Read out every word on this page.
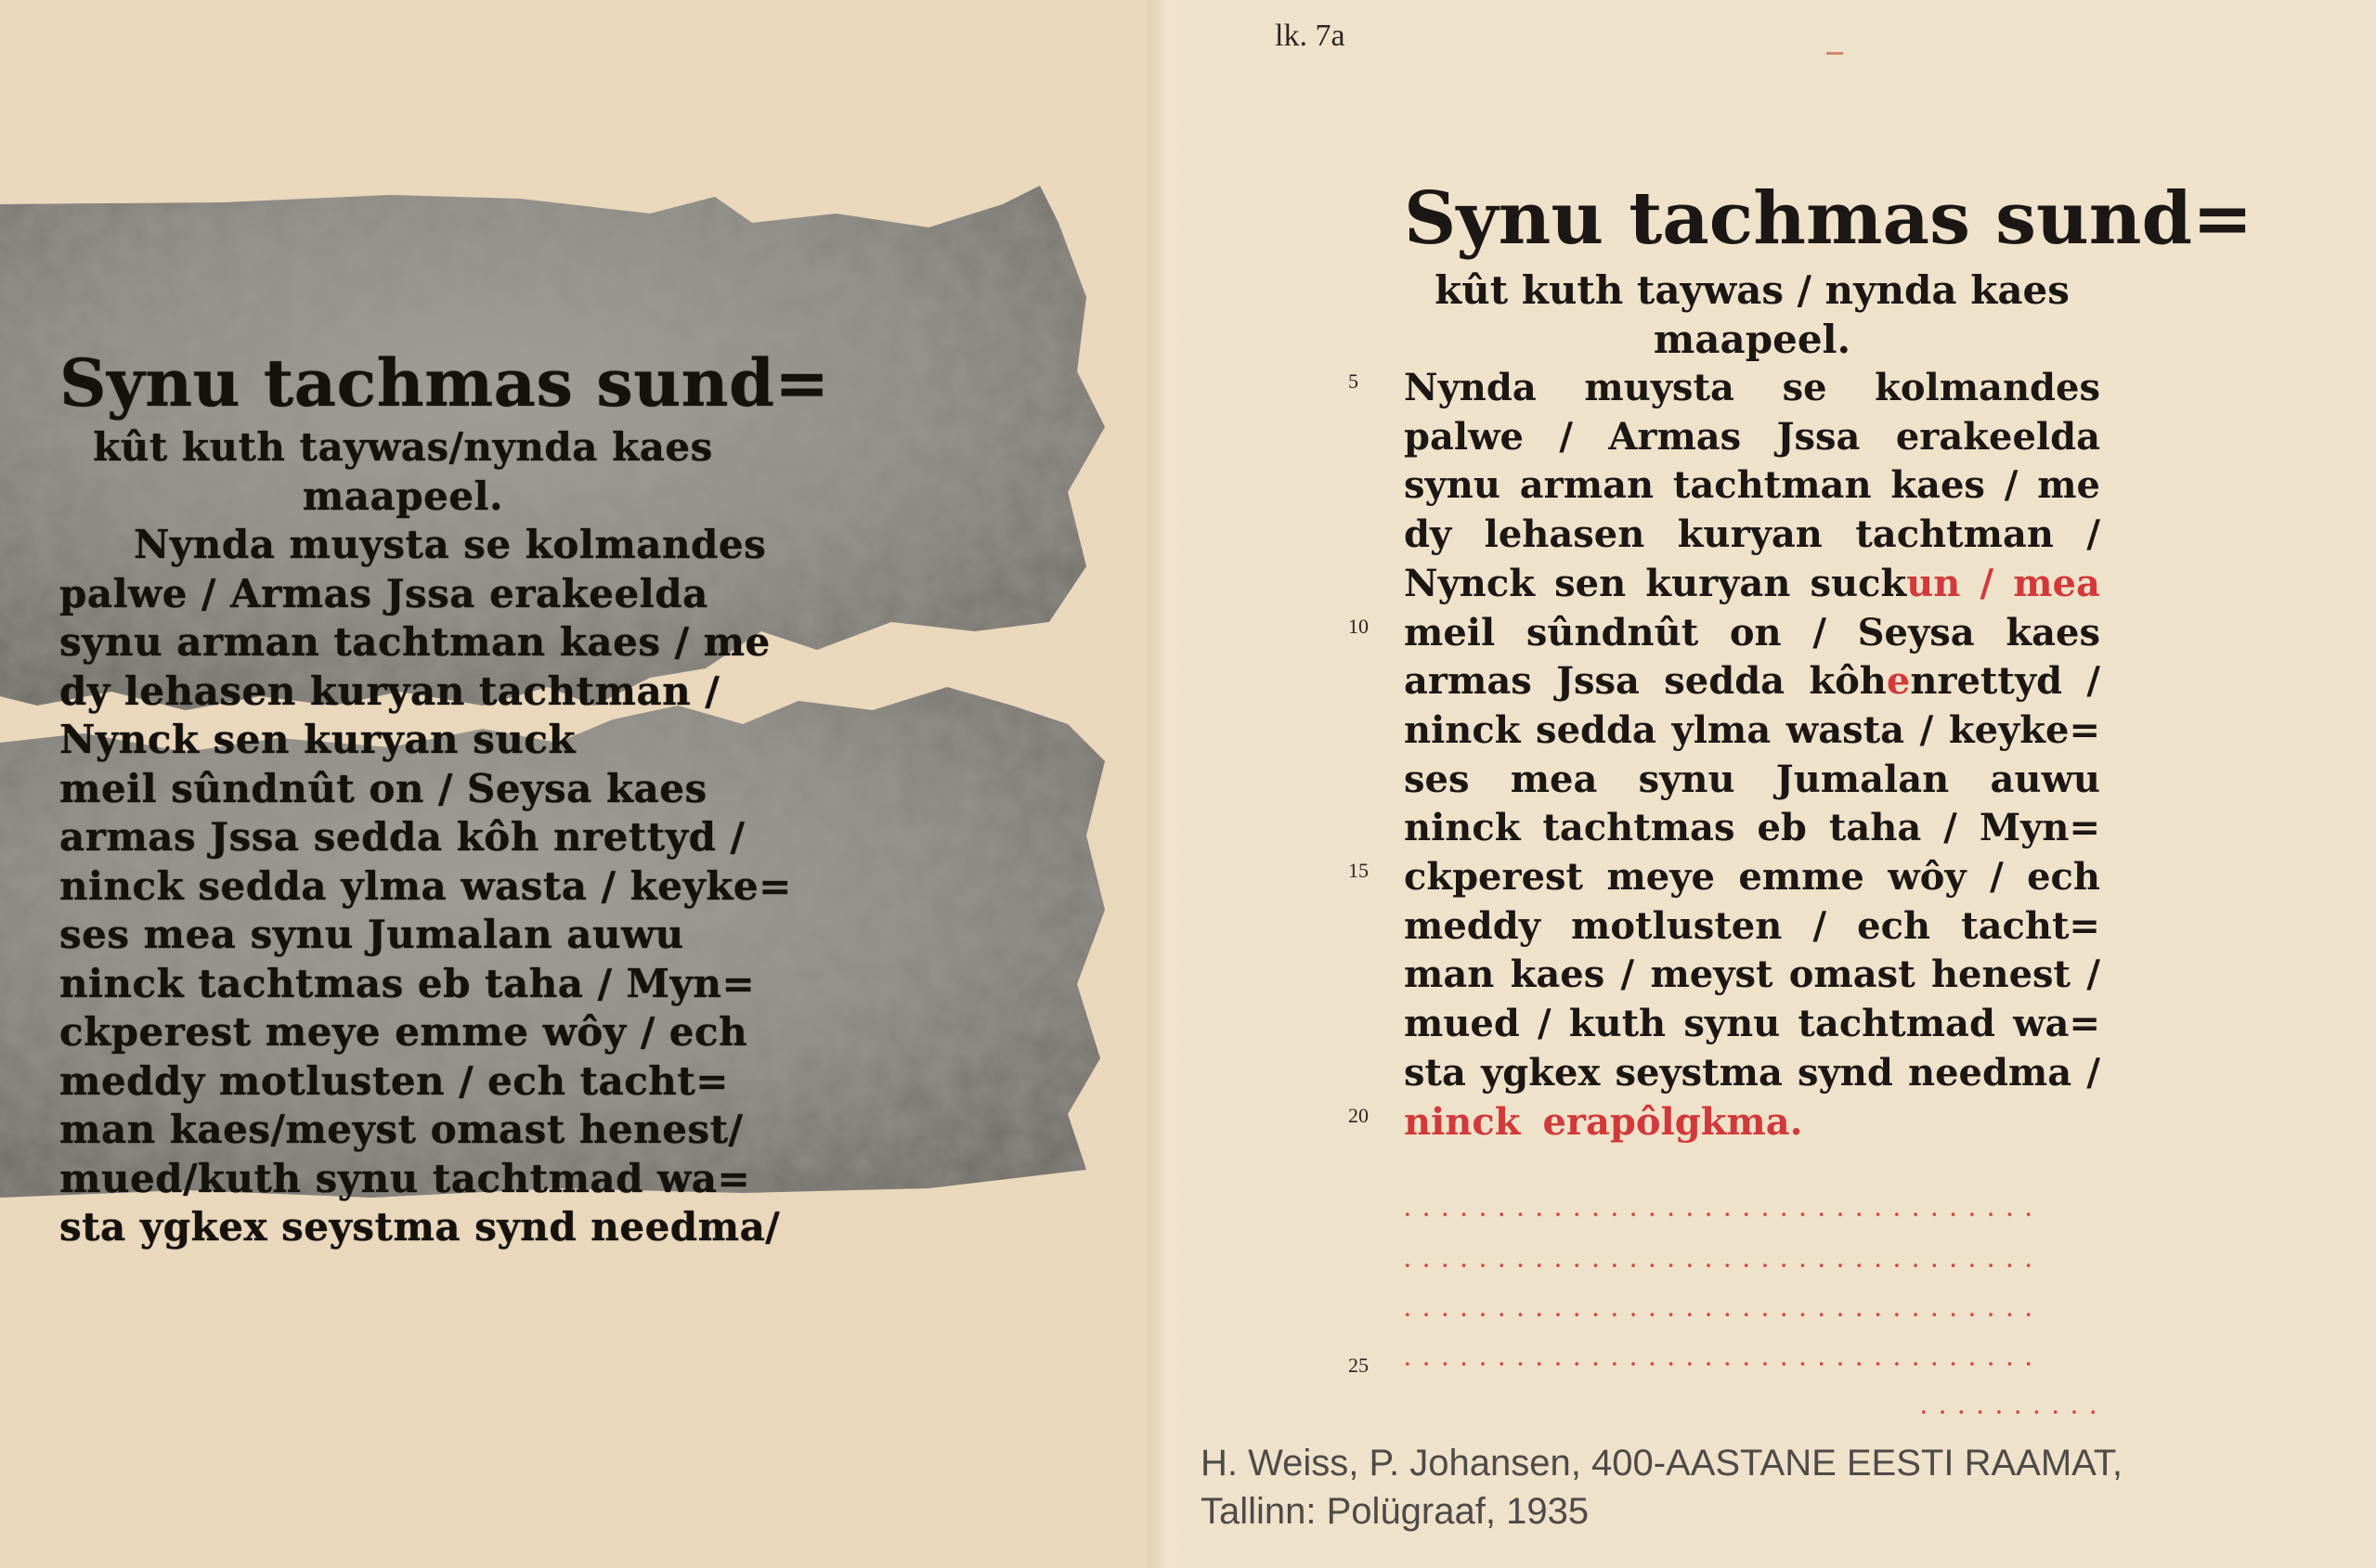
Synu tachmas sund=
kût kuth taywas/nynda kaes
maapeel.
Nynda muysta se kolmandes
palwe / Armas Jssa erakeelda
synu arman tachtman kaes / me
dy lehasen kuryan tachtman /
Nynck sen kuryan suck
meil sûndnût on / Seysa kaes
armas Jssa sedda kôh nrettyd /
ninck sedda ylma wasta / keyke=
ses mea synu Jumalan auwu
ninck tachtmas eb taha / Myn=
ckperest meye emme wôy / ech
meddy motlusten / ech tacht=
man kaes/meyst omast henest/
mued/kuth synu tachtmad wa=
sta ygkex seystma synd needma/
lk. 7a
Synu tachmas sund=
kût kuth taywas / nynda kaes
maapeel.
Nynda muysta se kolmandes
palwe / Armas Jssa erakeelda
synu arman tachtman kaes / me
dy lehasen kuryan tachtman /
Nynck sen kuryan suckun / mea
meil sûndnût on / Seysa kaes
armas Jssa sedda kôhenrettyd /
ninck sedda ylma wasta / keyke=
ses mea synu Jumalan auwu
ninck tachtmas eb taha / Myn=
ckperest meye emme wôy / ech
meddy motlusten / ech tacht=
man kaes / meyst omast henest /
mued / kuth synu tachtmad wa=
sta ygkex seystma synd needma /
ninck erapôlgkma.
5
10
15
20
••••••••••••••••••••••••••••••••••
••••••••••••••••••••••••••••••••••
••••••••••••••••••••••••••••••••••
••••••••••••••••••••••••••••••••••
••••••••••
25
H. Weiss, P. Johansen, 400-AASTANE EESTI RAAMAT,
Tallinn: Polügraaf, 1935
